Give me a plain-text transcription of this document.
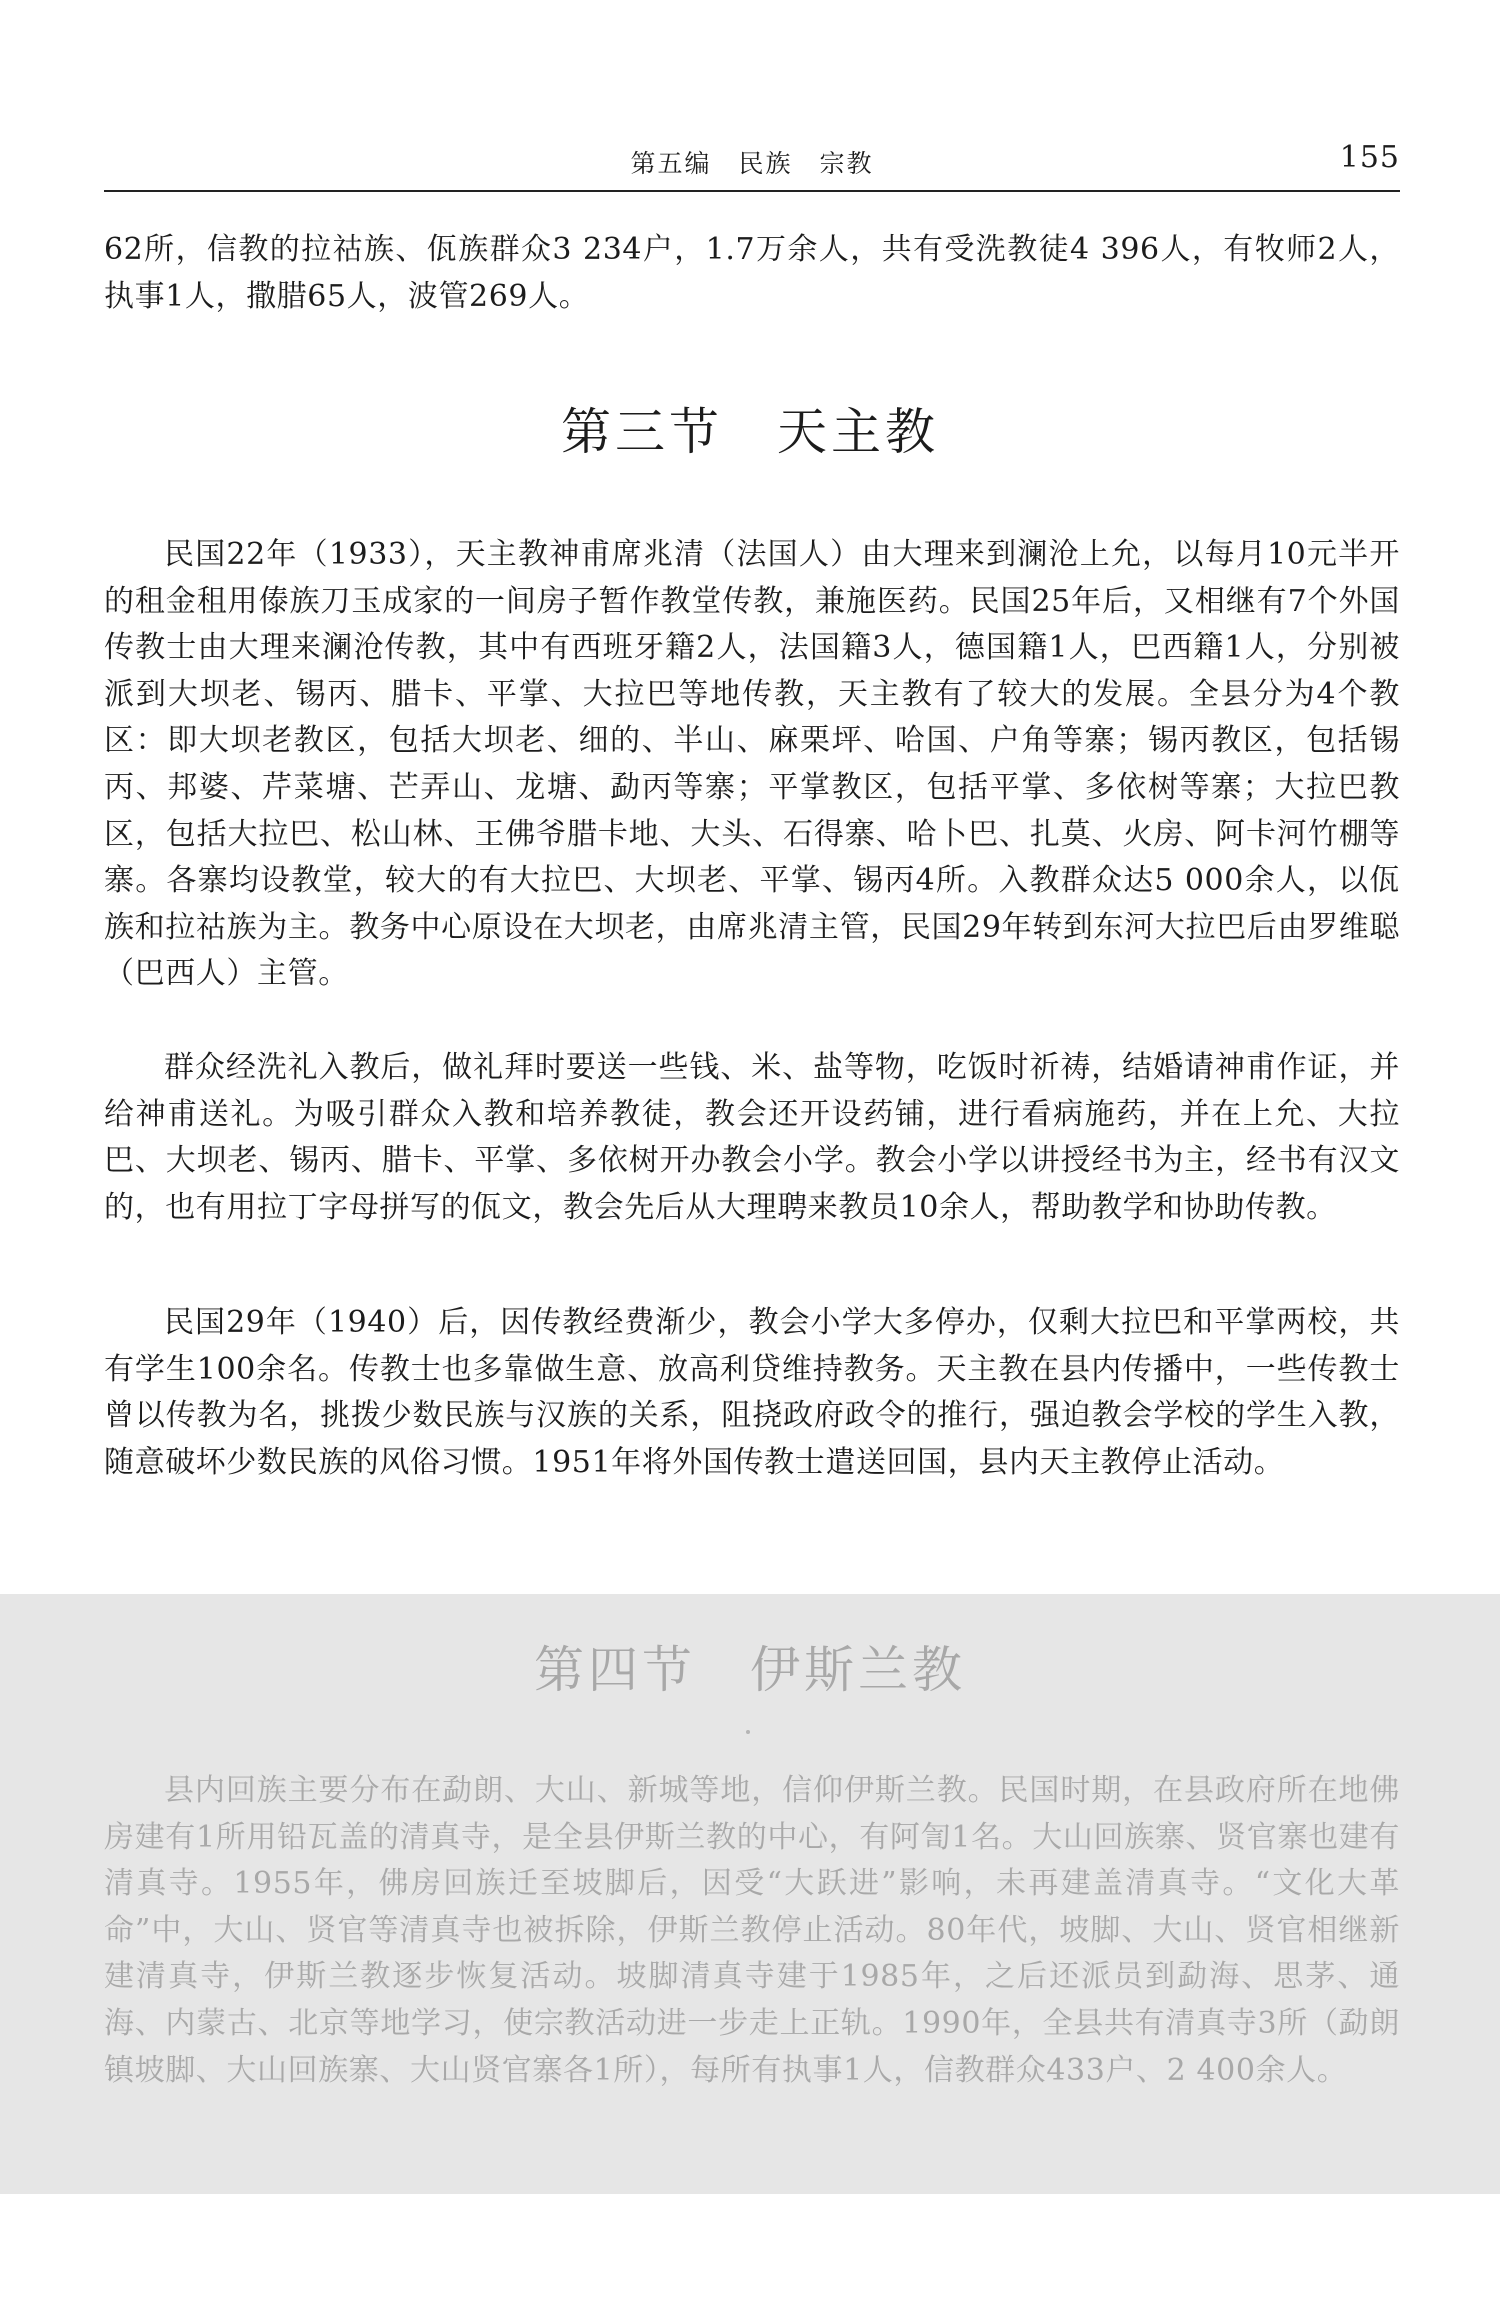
第五编　民族　宗教	155

62所，信教的拉祜族、佤族群众3 234户，1.7万余人，共有受洗教徒4 396人，有牧师2人，执事1人，撒腊65人，波管269人。

第三节 天主教

民国22年（1933），天主教神甫席兆清（法国人）由大理来到澜沧上允，以每月10元半开的租金租用傣族刀玉成家的一间房子暂作教堂传教，兼施医药。民国25年后，又相继有7个外国传教士由大理来澜沧传教，其中有西班牙籍2人，法国籍3人，德国籍1人，巴西籍1人，分别被派到大坝老、锡丙、腊卡、平掌、大拉巴等地传教，天主教有了较大的发展。全县分为4个教区：即大坝老教区，包括大坝老、细的、半山、麻栗坪、哈国、户角等寨；锡丙教区，包括锡丙、邦婆、芹菜塘、芒弄山、龙塘、勐丙等寨；平掌教区，包括平掌、多依树等寨；大拉巴教区，包括大拉巴、松山林、王佛爷腊卡地、大头、石得寨、哈卜巴、扎莫、火房、阿卡河竹棚等寨。各寨均设教堂，较大的有大拉巴、大坝老、平掌、锡丙4所。入教群众达5 000余人，以佤族和拉祜族为主。教务中心原设在大坝老，由席兆清主管，民国29年转到东河大拉巴后由罗维聪（巴西人）主管。

群众经洗礼入教后，做礼拜时要送一些钱、米、盐等物，吃饭时祈祷，结婚请神甫作证，并给神甫送礼。为吸引群众入教和培养教徒，教会还开设药铺，进行看病施药，并在上允、大拉巴、大坝老、锡丙、腊卡、平掌、多依树开办教会小学。教会小学以讲授经书为主，经书有汉文的，也有用拉丁字母拼写的佤文，教会先后从大理聘来教员10余人，帮助教学和协助传教。

民国29年（1940）后，因传教经费渐少，教会小学大多停办，仅剩大拉巴和平掌两校，共有学生100余名。传教士也多靠做生意、放高利贷维持教务。天主教在县内传播中，一些传教士曾以传教为名，挑拨少数民族与汉族的关系，阻挠政府政令的推行，强迫教会学校的学生入教，随意破坏少数民族的风俗习惯。1951年将外国传教士遣送回国，县内天主教停止活动。

第四节 伊斯兰教

县内回族主要分布在勐朗、大山、新城等地，信仰伊斯兰教。民国时期，在县政府所在地佛房建有1所用铅瓦盖的清真寺，是全县伊斯兰教的中心，有阿訇1名。大山回族寨、贤官寨也建有清真寺。1955年，佛房回族迁至坡脚后，因受“大跃进”影响，未再建盖清真寺。“文化大革命”中，大山、贤官等清真寺也被拆除，伊斯兰教停止活动。80年代，坡脚、大山、贤官相继新建清真寺，伊斯兰教逐步恢复活动。坡脚清真寺建于1985年，之后还派员到勐海、思茅、通海、内蒙古、北京等地学习，使宗教活动进一步走上正轨。1990年，全县共有清真寺3所（勐朗镇坡脚、大山回族寨、大山贤官寨各1所），每所有执事1人，信教群众433户、2 400余人。
